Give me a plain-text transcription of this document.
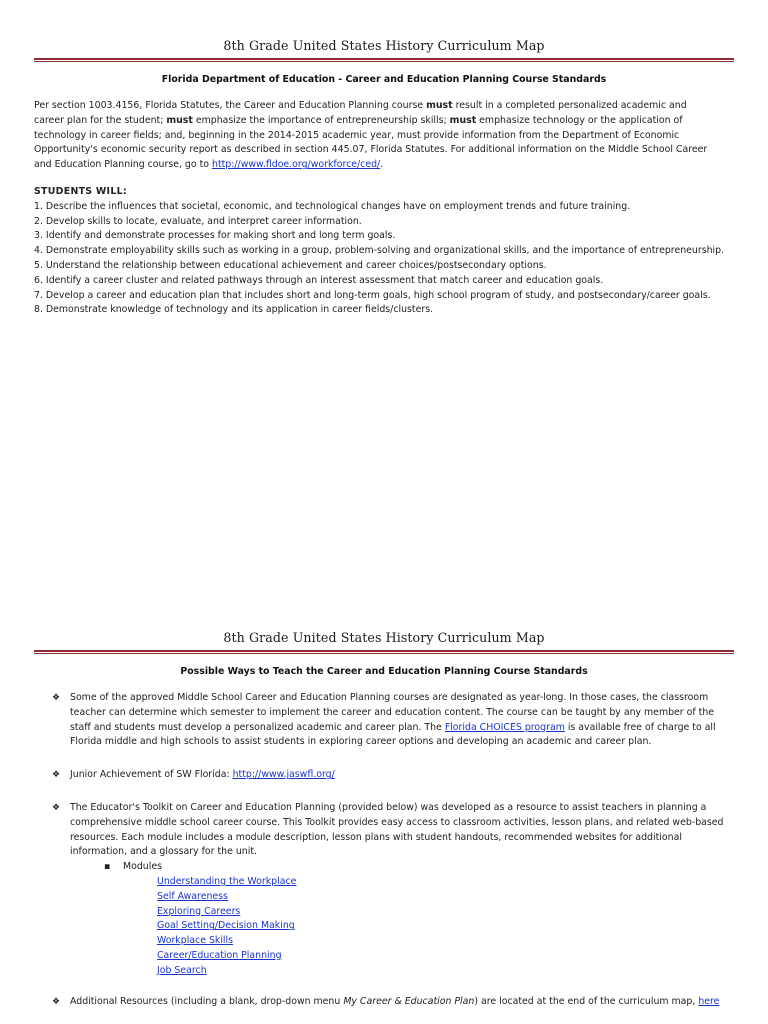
8th Grade United States History Curriculum Map
Florida Department of Education - Career and Education Planning Course Standards
Per section 1003.4156, Florida Statutes, the Career and Education Planning course must result in a completed personalized academic and career plan for the student; must emphasize the importance of entrepreneurship skills; must emphasize technology or the application of technology in career fields; and, beginning in the 2014-2015 academic year, must provide information from the Department of Economic Opportunity's economic security report as described in section 445.07, Florida Statutes. For additional information on the Middle School Career and Education Planning course, go to http://www.fldoe.org/workforce/ced/.
STUDENTS WILL:
1. Describe the influences that societal, economic, and technological changes have on employment trends and future training.
2. Develop skills to locate, evaluate, and interpret career information.
3. Identify and demonstrate processes for making short and long term goals.
4. Demonstrate employability skills such as working in a group, problem-solving and organizational skills, and the importance of entrepreneurship.
5. Understand the relationship between educational achievement and career choices/postsecondary options.
6. Identify a career cluster and related pathways through an interest assessment that match career and education goals.
7. Develop a career and education plan that includes short and long-term goals, high school program of study, and postsecondary/career goals.
8. Demonstrate knowledge of technology and its application in career fields/clusters.
8th Grade United States History Curriculum Map
Possible Ways to Teach the Career and Education Planning Course Standards
❖ Some of the approved Middle School Career and Education Planning courses are designated as year-long. In those cases, the classroom teacher can determine which semester to implement the career and education content. The course can be taught by any member of the staff and students must develop a personalized academic and career plan. The Florida CHOICES program is available free of charge to all Florida middle and high schools to assist students in exploring career options and developing an academic and career plan.
❖ Junior Achievement of SW Florida: http://www.jaswfl.org/
❖ The Educator's Toolkit on Career and Education Planning (provided below) was developed as a resource to assist teachers in planning a comprehensive middle school career course. This Toolkit provides easy access to classroom activities, lesson plans, and related web-based resources. Each module includes a module description, lesson plans with student handouts, recommended websites for additional information, and a glossary for the unit.
▪ Modules
Understanding the Workplace
Self Awareness
Exploring Careers
Goal Setting/Decision Making
Workplace Skills
Career/Education Planning
Job Search
❖ Additional Resources (including a blank, drop-down menu My Career & Education Plan) are located at the end of the curriculum map, here
